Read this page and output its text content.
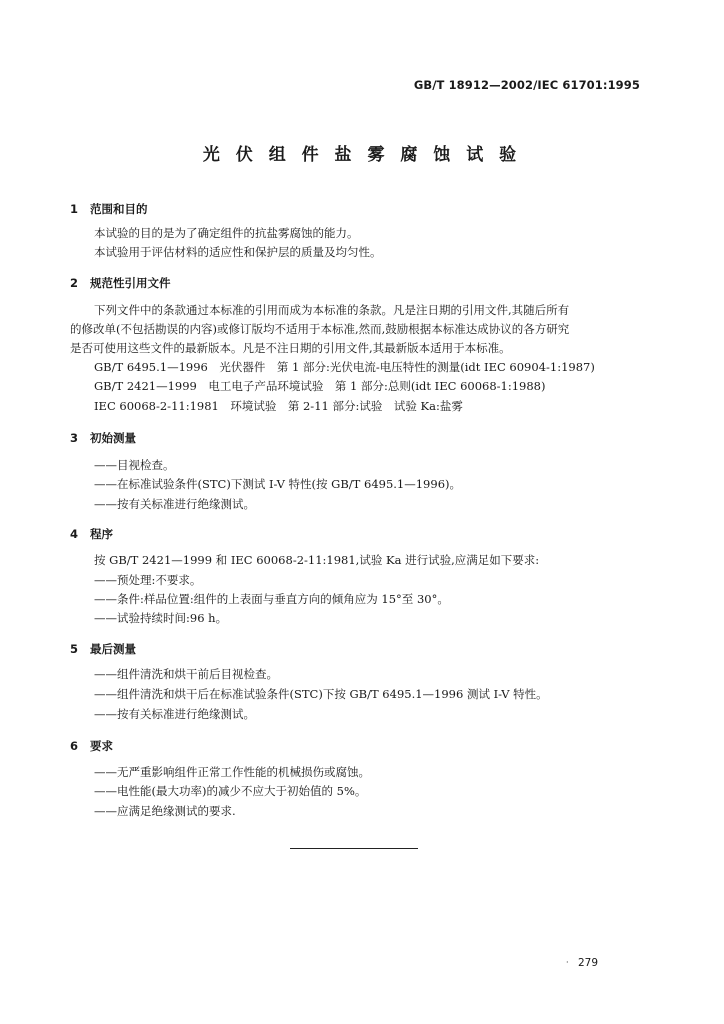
GB/T 18912—2002/IEC 61701:1995
光 伏 组 件 盐 雾 腐 蚀 试 验
1 范围和目的
本试验的目的是为了确定组件的抗盐雾腐蚀的能力。
本试验用于评估材料的适应性和保护层的质量及均匀性。
2 规范性引用文件
下列文件中的条款通过本标准的引用而成为本标准的条款。凡是注日期的引用文件,其随后所有
的修改单(不包括勘误的内容)或修订版均不适用于本标准,然而,鼓励根据本标准达成协议的各方研究
是否可使用这些文件的最新版本。凡是不注日期的引用文件,其最新版本适用于本标准。
GB/T 6495.1—1996　光伏器件　第 1 部分:光伏电流-电压特性的测量(idt IEC 60904-1:1987)
GB/T 2421—1999　电工电子产品环境试验　第 1 部分:总则(idt IEC 60068-1:1988)
IEC 60068-2-11:1981　环境试验　第 2-11 部分:试验　试验 Ka:盐雾
3 初始测量
——目视检查。
——在标准试验条件(STC)下测试 I-V 特性(按 GB/T 6495.1—1996)。
——按有关标准进行绝缘测试。
4 程序
按 GB/T 2421—1999 和 IEC 60068-2-11:1981,试验 Ka 进行试验,应满足如下要求:
——预处理:不要求。
——条件:样品位置:组件的上表面与垂直方向的倾角应为 15°至 30°。
——试验持续时间:96 h。
5 最后测量
——组件清洗和烘干前后目视检查。
——组件清洗和烘干后在标准试验条件(STC)下按 GB/T 6495.1—1996 测试 I-V 特性。
——按有关标准进行绝缘测试。
6 要求
——无严重影响组件正常工作性能的机械损伤或腐蚀。
——电性能(最大功率)的减少不应大于初始值的 5%。
——应满足绝缘测试的要求.
· 279
